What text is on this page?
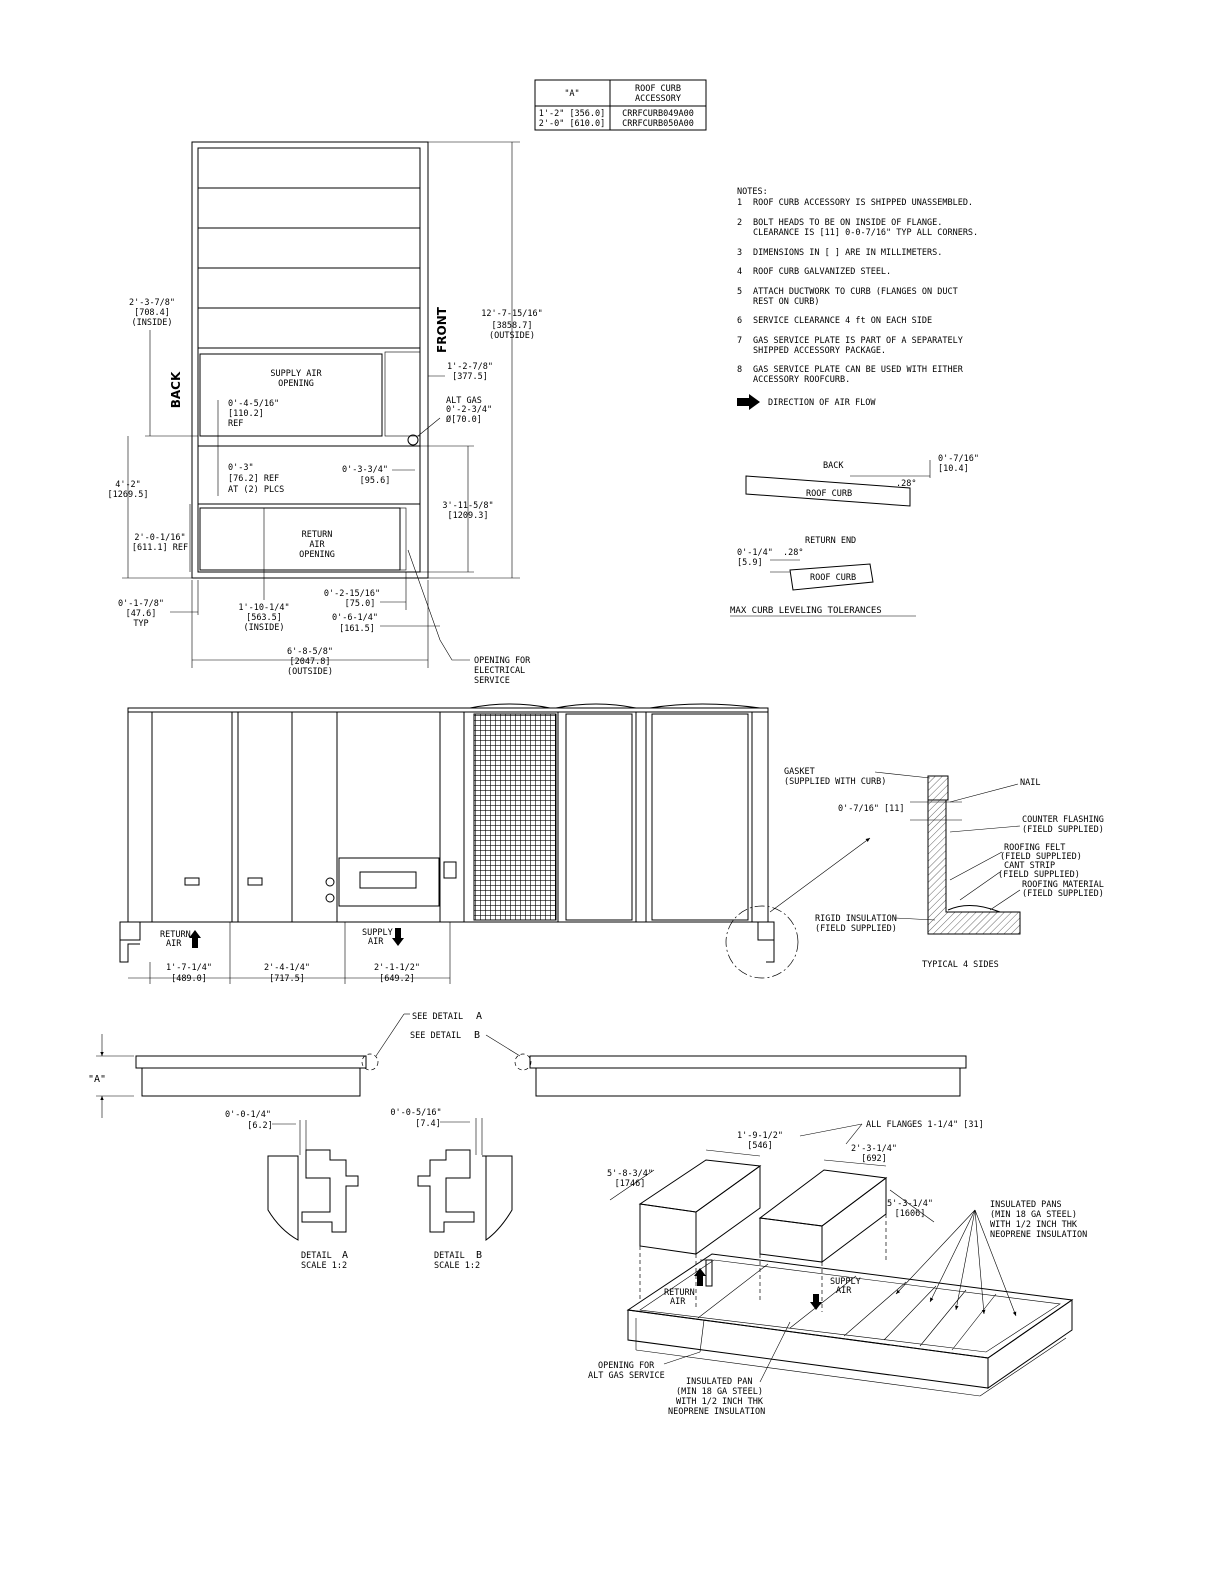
"A"	ROOF CURB
ACCESSORY
1'-2" [356.0] CRRFCURB049A00
2'-0" [610.0] CRRFCURB050A00
NOTES:
1 ROOF CURB ACCESSORY IS SHIPPED UNASSEMBLED.
2 BOLT HEADS TO BE ON INSIDE OF FLANGE.
CLEARANCE IS [11] 0-0-7/16" TYP ALL CORNERS.
3 DIMENSIONS IN [ ] ARE IN MILLIMETERS.
4 ROOF CURB GALVANIZED STEEL.
5 ATTACH DUCTWORK TO CURB (FLANGES ON DUCT
REST ON CURB)
6 SERVICE CLEARANCE 4 ft ON EACH SIDE
7 GAS SERVICE PLATE IS PART OF A SEPARATELY
SHIPPED ACCESSORY PACKAGE.
8 GAS SERVICE PLATE CAN BE USED WITH EITHER
ACCESSORY ROOFCURB.
DIRECTION OF AIR FLOW
SUPPLY AIR
OPENING
RETURN
AIR
OPENING
FRONT
BACK
12'-7-15/16"
[3858.7]
(OUTSIDE)
2'-3-7/8"
[708.4]
(INSIDE)
1'-2-7/8"
[377.5]
ALT GAS
0'-2-3/4"
Ø[70.0]
0'-4-5/16"
[110.2]
REF
0'-3"
[76.2] REF
AT (2) PLCS
0'-3-3/4"
[95.6]
4'-2"
[1269.5]
3'-11-5/8"
[1209.3]
2'-0-1/16"
[611.1] REF
0'-1-7/8"
[47.6]
TYP
1'-10-1/4"
[563.5]
(INSIDE)
0'-2-15/16"
[75.0]
0'-6-1/4"
[161.5]
6'-8-5/8"
[2047.8]
(OUTSIDE)
OPENING FOR
ELECTRICAL
SERVICE
BACK
ROOF CURB
.28°
0'-7/16"
[10.4]
RETURN END
ROOF CURB
.28°
0'-1/4"
[5.9]
MAX CURB LEVELING TOLERANCES
RETURN
AIR
SUPPLY
AIR
1'-7-1/4"
[489.0]
2'-4-1/4"
[717.5]
2'-1-1/2"
[649.2]
GASKET
(SUPPLIED WITH CURB)	NAIL
0'-7/16" [11]
COUNTER FLASHING
(FIELD SUPPLIED)
ROOFING FELT
(FIELD SUPPLIED)
CANT STRIP
(FIELD SUPPLIED)
ROOFING MATERIAL
(FIELD SUPPLIED)
RIGID INSULATION
(FIELD SUPPLIED)
TYPICAL 4 SIDES
"A"
SEE DETAIL A
SEE DETAIL B
0'-0-1/4"
[6.2]
DETAIL A
SCALE 1:2
0'-0-5/16"
[7.4]
DETAIL B
SCALE 1:2
RETURN
AIR
SUPPLY
AIR
ALL FLANGES 1-1/4" [31]
1'-9-1/2"
[546]	2'-3-1/4"
[692]
5'-8-3/4"
[1746]
5'-3-1/4"
[1606]
INSULATED PANS
(MIN 18 GA STEEL)
WITH 1/2 INCH THK
NEOPRENE INSULATION
OPENING FOR
ALT GAS SERVICE
INSULATED PAN
(MIN 18 GA STEEL)
WITH 1/2 INCH THK
NEOPRENE INSULATION
